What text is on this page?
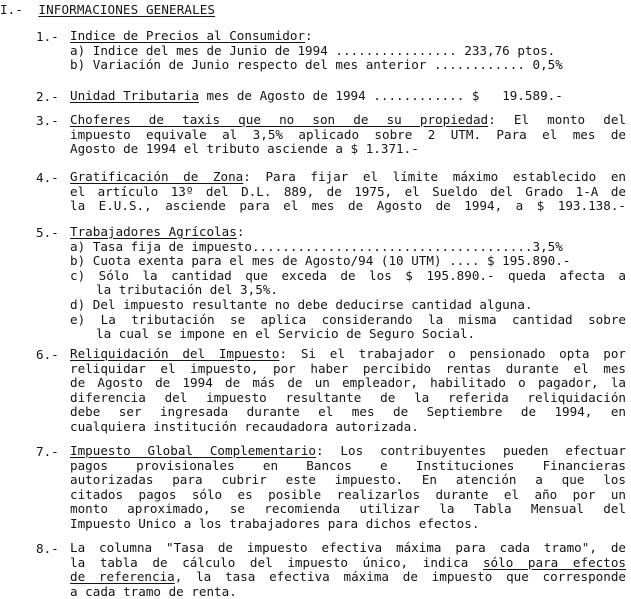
I.- INFORMACIONES GENERALES
1.- Indice de Precios al Consumidor:
a) Indice del mes de Junio de 1994 ................ 233,76 ptos.
b) Variación de Junio respecto del mes anterior ............ 0,5%
2.- Unidad Tributaria mes de Agosto de 1994 ............ $   19.589.-
3.- Choferes de taxis que no son de su propiedad: El monto del
impuesto equivale al 3,5% aplicado sobre 2 UTM. Para el mes de
Agosto de 1994 el tributo asciende a $ 1.371.-
4.- Gratificación de Zona: Para fijar el límite máximo establecido en
el artículo 13º del D.L. 889, de 1975, el Sueldo del Grado 1-A de
la E.U.S., asciende para el mes de Agosto de 1994, a $ 193.138.-
5.- Trabajadores Agrícolas:
a) Tasa fija de impuesto.....................................3,5%
b) Cuota exenta para el mes de Agosto/94 (10 UTM) .... $ 195.890.-
c) Sólo la cantidad que exceda de los $ 195.890.- queda afecta a
la tributación del 3,5%.
d) Del impuesto resultante no debe deducirse cantidad alguna.
e) La tributación se aplica considerando la misma cantidad sobre
la cual se impone en el Servicio de Seguro Social.
6.- Reliquidación del Impuesto: Si el trabajador o pensionado opta por
reliquidar el impuesto, por haber percibido rentas durante el mes
de Agosto de 1994 de más de un empleador, habilitado o pagador, la
diferencia del impuesto resultante de la referida reliquidación
debe ser ingresada durante el mes de Septiembre de 1994, en
cualquiera institución recaudadora autorizada.
7.- Impuesto Global Complementario: Los contribuyentes pueden efectuar
pagos provisionales en Bancos e Instituciones Financieras
autorizadas para cubrir este impuesto. En atención a que los
citados pagos sólo es posible realizarlos durante el año por un
monto aproximado, se recomienda utilizar la Tabla Mensual del
Impuesto Unico a los trabajadores para dichos efectos.
8.- La columna "Tasa de impuesto efectiva máxima para cada tramo", de
la tabla de cálculo del impuesto único, indica sólo para efectos
de referencia, la tasa efectiva máxima de impuesto que corresponde
a cada tramo de renta.
